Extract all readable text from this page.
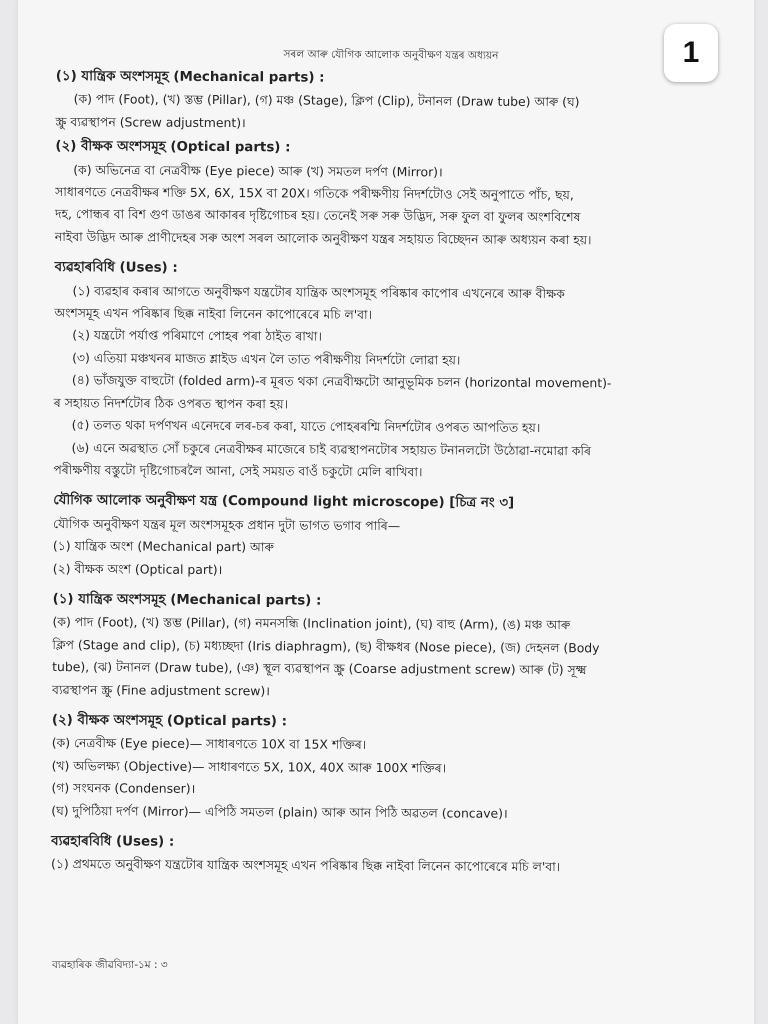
1

সৰল আৰু যৌগিক আলোক অনুবীক্ষণ যন্ত্ৰৰ অধ্যয়ন

(১) যান্ত্ৰিক অংশসমূহ (Mechanical parts) :

(ক) পাদ (Foot), (খ) স্তম্ভ (Pillar), (গ) মঞ্চ (Stage), ক্লিপ (Clip), টনানল (Draw tube) আৰু (ঘ)

স্ক্ৰু ব্যৱস্থাপন (Screw adjustment)।

(২) বীক্ষক অংশসমূহ (Optical parts) :

(ক) অভিনেত্ৰ বা নেত্ৰবীক্ষ (Eye piece) আৰু (খ) সমতল দৰ্পণ (Mirror)।

সাধাৰণতে নেত্ৰবীক্ষৰ শক্তি 5X, 6X, 15X বা 20X। গতিকে পৰীক্ষণীয় নিদৰ্শটোও সেই অনুপাতে পাঁচ, ছয়,

দহ, পোন্ধৰ বা বিশ গুণ ডাঙৰ আকাৰৰ দৃষ্টিগোচৰ হয়। তেনেই সৰু সৰু উদ্ভিদ, সৰু ফুল বা ফুলৰ অংশবিশেষ

নাইবা উদ্ভিদ আৰু প্ৰাণীদেহৰ সৰু অংশ সৰল আলোক অনুবীক্ষণ যন্ত্ৰৰ সহায়ত বিচ্ছেদন আৰু অধ্যয়ন কৰা হয়।

ব্যৱহাৰবিধি (Uses) :

(১) ব্যৱহাৰ কৰাৰ আগতে অনুবীক্ষণ যন্ত্ৰটোৰ যান্ত্ৰিক অংশসমূহ পৰিষ্কাৰ কাপোৰ এখনেৰে আৰু বীক্ষক

অংশসমূহ এখন পৰিষ্কাৰ ছিক্ক নাইবা লিনেন কাপোৰেৰে মচি ল'বা।

(২) যন্ত্ৰটো পৰ্যাপ্ত পৰিমাণে পোহৰ পৰা ঠাইত ৰাখা।

(৩) এতিয়া মঞ্চখনৰ মাজত শ্লাইড এখন লৈ তাত পৰীক্ষণীয় নিদৰ্শটো লোৱা হয়।

(৪) ভাঁজযুক্ত বাহুটো (folded arm)-ৰ মূৰত থকা নেত্ৰবীক্ষটো আনুভূমিক চলন (horizontal movement)-

ৰ সহায়ত নিদৰ্শটোৰ ঠিক ওপৰত স্থাপন কৰা হয়।

(৫) তলত থকা দৰ্পণখন এনেদৰে লৰ-চৰ কৰা, যাতে পোহৰৰশ্মি নিদৰ্শটোৰ ওপৰত আপতিত হয়।

(৬) এনে অৱস্থাত সোঁ চকুৰে নেত্ৰবীক্ষৰ মাজেৰে চাই ব্যৱস্থাপনটোৰ সহায়ত টনানলটো উঠোৱা-নমোৱা কৰি

পৰীক্ষণীয় বস্তুটো দৃষ্টিগোচৰলৈ আনা, সেই সময়ত বাওঁ চকুটো মেলি ৰাখিবা।

যৌগিক আলোক অনুবীক্ষণ যন্ত্ৰ (Compound light microscope) [চিত্ৰ নং ৩]

যৌগিক অনুবীক্ষণ যন্ত্ৰৰ মূল অংশসমূহক প্ৰধান দুটা ভাগত ভগাব পাৰি—

(১) যান্ত্ৰিক অংশ (Mechanical part) আৰু

(২) বীক্ষক অংশ (Optical part)।

(১) যান্ত্ৰিক অংশসমূহ (Mechanical parts) :

(ক) পাদ (Foot), (খ) স্তম্ভ (Pillar), (গ) নমনসন্ধি (Inclination joint), (ঘ) বাহু (Arm), (ঙ) মঞ্চ আৰু

ক্লিপ (Stage and clip), (চ) মধ্যচ্ছদা (Iris diaphragm), (ছ) বীক্ষধৰ (Nose piece), (জ) দেহনল (Body

tube), (ঝ) টনানল (Draw tube), (ঞ) স্থূল ব্যৱস্থাপন স্ক্ৰু (Coarse adjustment screw) আৰু (ট) সূক্ষ্ম

ব্যৱস্থাপন স্ক্ৰু (Fine adjustment screw)।

(২) বীক্ষক অংশসমূহ (Optical parts) :

(ক) নেত্ৰবীক্ষ (Eye piece)— সাধাৰণতে 10X বা 15X শক্তিৰ।

(খ) অভিলক্ষ্য (Objective)— সাধাৰণতে 5X, 10X, 40X আৰু 100X শক্তিৰ।

(গ) সংঘনক (Condenser)।

(ঘ) দুপিঠিয়া দৰ্পণ (Mirror)— এপিঠি সমতল (plain) আৰু আন পিঠি অৱতল (concave)।

ব্যৱহাৰবিধি (Uses) :

(১) প্ৰথমতে অনুবীক্ষণ যন্ত্ৰটোৰ যান্ত্ৰিক অংশসমূহ এখন পৰিষ্কাৰ ছিক্ক নাইবা লিনেন কাপোৰেৰে মচি ল'বা।

ব্যৱহাৰিক জীৱবিদ্যা-১ম : ৩
